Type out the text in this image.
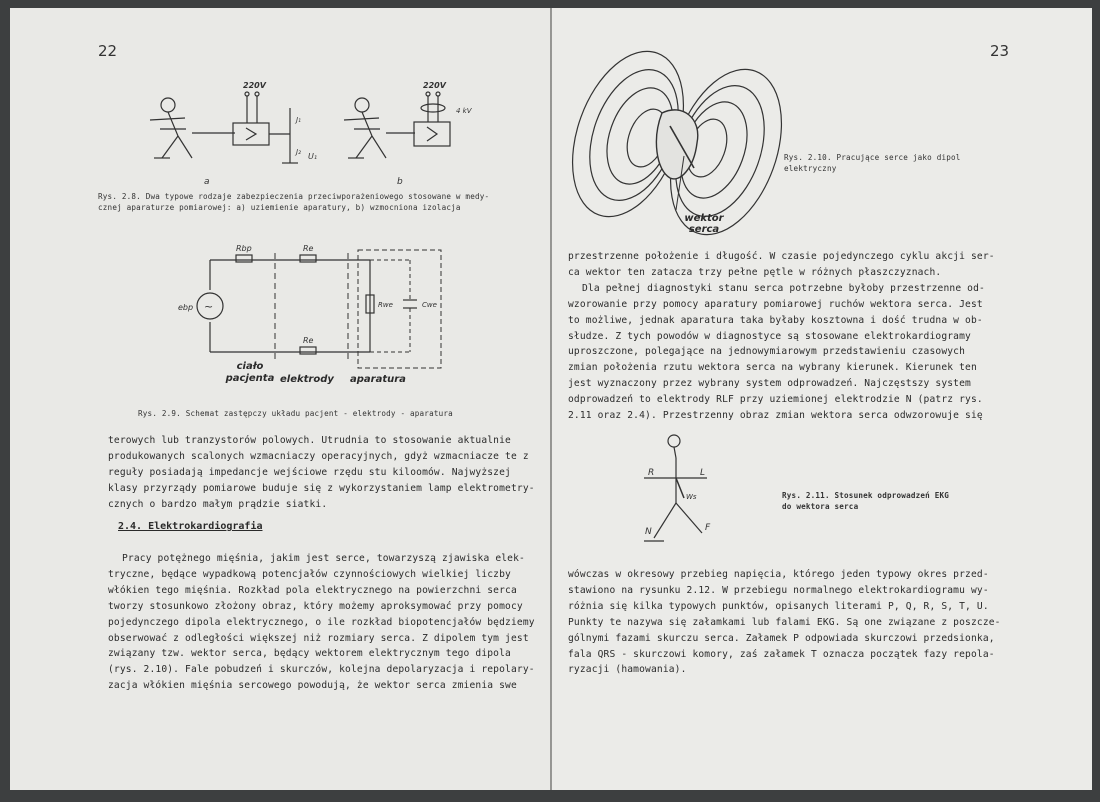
22
220V
J₁
J₂ U₁
a
220V
4 kV
b
Rys. 2.8. Dwa typowe rodzaje zabezpieczenia przeciwporażeniowego stosowane w medy-
cznej aparaturze pomiarowej: a) uziemienie aparatury, b) wzmocniona izolacja
~
Rbp	Re
Re
ebp	Rwe	Cwe
ciało
pacjenta elektrody aparatura
Rys. 2.9. Schemat zastępczy układu pacjent - elektrody - aparatura
terowych lub tranzystorów polowych. Utrudnia to stosowanie aktualnie
produkowanych scalonych wzmacniaczy operacyjnych, gdyż wzmacniacze te z
reguły posiadają impedancje wejściowe rzędu stu kiloomów. Najwyższej
klasy przyrządy pomiarowe buduje się z wykorzystaniem lamp elektrometry-
cznych o bardzo małym prądzie siatki.
2.4. Elektrokardiografia
Pracy potężnego mięśnia, jakim jest serce, towarzyszą zjawiska elek-
tryczne, będące wypadkową potencjałów czynnościowych wielkiej liczby
włókien tego mięśnia. Rozkład pola elektrycznego na powierzchni serca
tworzy stosunkowo złożony obraz, który możemy aproksymować przy pomocy
pojedynczego dipola elektrycznego, o ile rozkład biopotencjałów będziemy
obserwować z odległości większej niż rozmiary serca. Z dipolem tym jest
związany tzw. wektor serca, będący wektorem elektrycznym tego dipola
(rys. 2.10). Fale pobudzeń i skurczów, kolejna depolaryzacja i repolary-
zacja włókien mięśnia sercowego powodują, że wektor serca zmienia swe
23
wektor
serca
Rys. 2.10. Pracujące serce jako dipol
elektryczny
przestrzenne położenie i długość. W czasie pojedynczego cyklu akcji ser-
ca wektor ten zatacza trzy pełne pętle w różnych płaszczyznach.
Dla pełnej diagnostyki stanu serca potrzebne byłoby przestrzenne od-
wzorowanie przy pomocy aparatury pomiarowej ruchów wektora serca. Jest
to możliwe, jednak aparatura taka byłaby kosztowna i dość trudna w ob-
słudze. Z tych powodów w diagnostyce są stosowane elektrokardiogramy
uproszczone, polegające na jednowymiarowym przedstawieniu czasowych
zmian położenia rzutu wektora serca na wybrany kierunek. Kierunek ten
jest wyznaczony przez wybrany system odprowadzeń. Najczęstszy system
odprowadzeń to elektrody RLF przy uziemionej elektrodzie N (patrz rys.
2.11 oraz 2.4). Przestrzenny obraz zmian wektora serca odwzorowuje się
R	L
N	F
Ws	Rys. 2.11. Stosunek odprowadzeń EKG
do wektora serca
wówczas w okresowy przebieg napięcia, którego jeden typowy okres przed-
stawiono na rysunku 2.12. W przebiegu normalnego elektrokardiogramu wy-
różnia się kilka typowych punktów, opisanych literami P, Q, R, S, T, U.
Punkty te nazywa się załamkami lub falami EKG. Są one związane z poszcze-
gólnymi fazami skurczu serca. Załamek P odpowiada skurczowi przedsionka,
fala QRS - skurczowi komory, zaś załamek T oznacza początek fazy repola-
ryzacji (hamowania).
